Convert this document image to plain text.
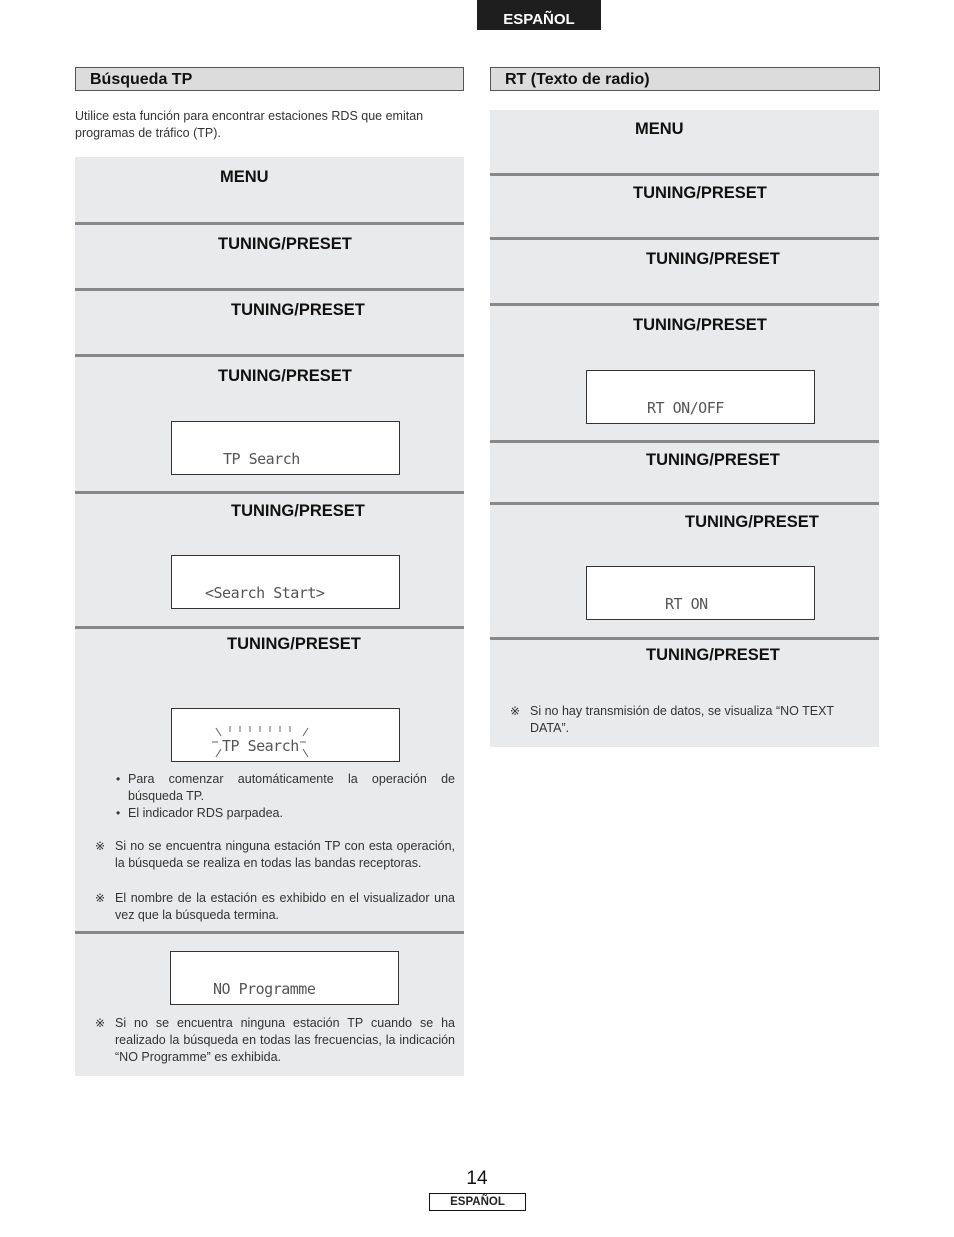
ESPAÑOL
Búsqueda TP
Utilice esta función para encontrar estaciones RDS que emitan programas de tráfico (TP).
MENU
TUNING/PRESET
TUNING/PRESET
TUNING/PRESET
TP Search
TUNING/PRESET
<Search Start>
TUNING/PRESET
TP Search
• Para comenzar automáticamente la operación de búsqueda TP.
• El indicador RDS parpadea.
※ Si no se encuentra ninguna estación TP con esta operación, la búsqueda se realiza en todas las bandas receptoras.
※ El nombre de la estación es exhibido en el visualizador una vez que la búsqueda termina.
NO Programme
※ Si no se encuentra ninguna estación TP cuando se ha realizado la búsqueda en todas las frecuencias, la indicación “NO Programme” es exhibida.
RT (Texto de radio)
MENU
TUNING/PRESET
TUNING/PRESET
TUNING/PRESET
RT ON/OFF
TUNING/PRESET
TUNING/PRESET
RT ON
TUNING/PRESET
※ Si no hay transmisión de datos, se visualiza “NO TEXT DATA”.
14
ESPAÑOL
